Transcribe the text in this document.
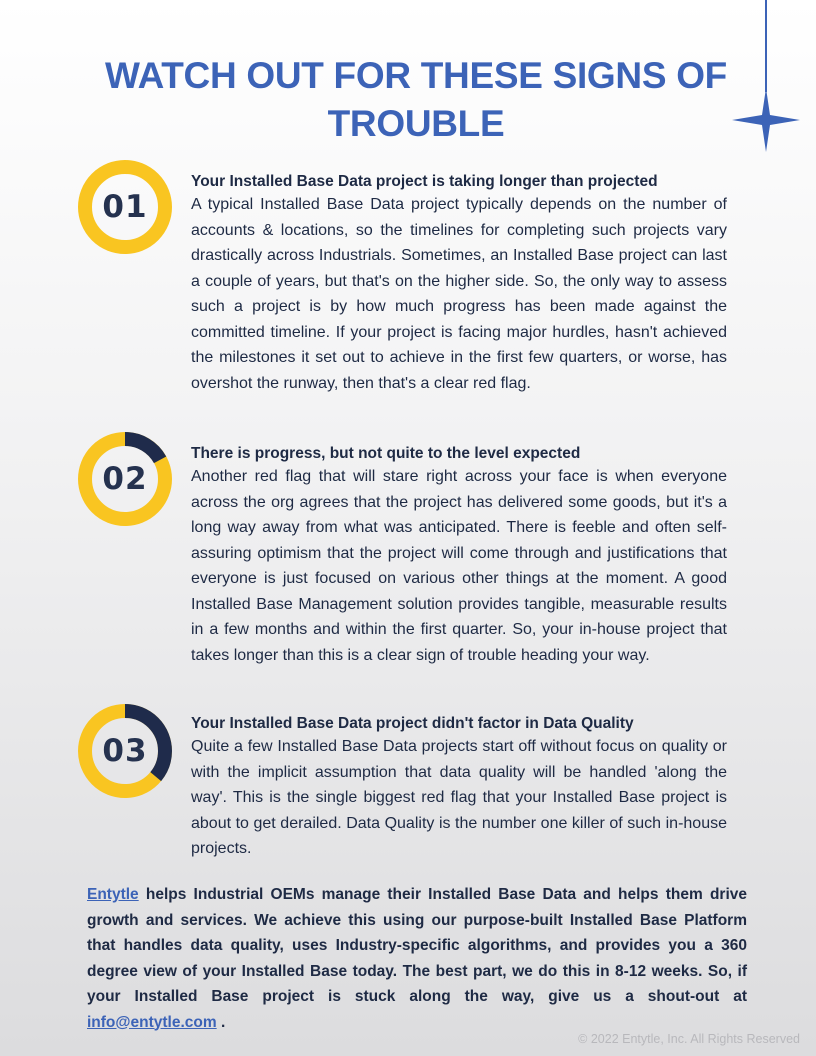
WATCH OUT FOR THESE SIGNS OF TROUBLE
01
Your Installed Base Data project is taking longer than projected

A typical Installed Base Data project typically depends on the number of accounts & locations, so the timelines for completing such projects vary drastically across Industrials. Sometimes, an Installed Base project can last a couple of years, but that's on the higher side. So, the only way to assess such a project is by how much progress has been made against the committed timeline. If your project is facing major hurdles, hasn't achieved the milestones it set out to achieve in the first few quarters, or worse, has overshot the runway, then that's a clear red flag.

02
There is progress, but not quite to the level expected

Another red flag that will stare right across your face is when everyone across the org agrees that the project has delivered some goods, but it's a long way away from what was anticipated. There is feeble and often self-assuring optimism that the project will come through and justifications that everyone is just focused on various other things at the moment. A good Installed Base Management solution provides tangible, measurable results in a few months and within the first quarter. So, your in-house project that takes longer than this is a clear sign of trouble heading your way.

03
Your Installed Base Data project didn't factor in Data Quality

Quite a few Installed Base Data projects start off without focus on quality or with the implicit assumption that data quality will be handled 'along the way'. This is the single biggest red flag that your Installed Base project is about to get derailed. Data Quality is the number one killer of such in-house projects.

Entytle helps Industrial OEMs manage their Installed Base Data and helps them drive growth and services. We achieve this using our purpose-built Installed Base Platform that handles data quality, uses Industry-specific algorithms, and provides you a 360 degree view of your Installed Base today. The best part, we do this in 8-12 weeks. So, if your Installed Base project is stuck along the way, give us a shout-out at info@entytle.com .

© 2022 Entytle, Inc. All Rights Reserved
